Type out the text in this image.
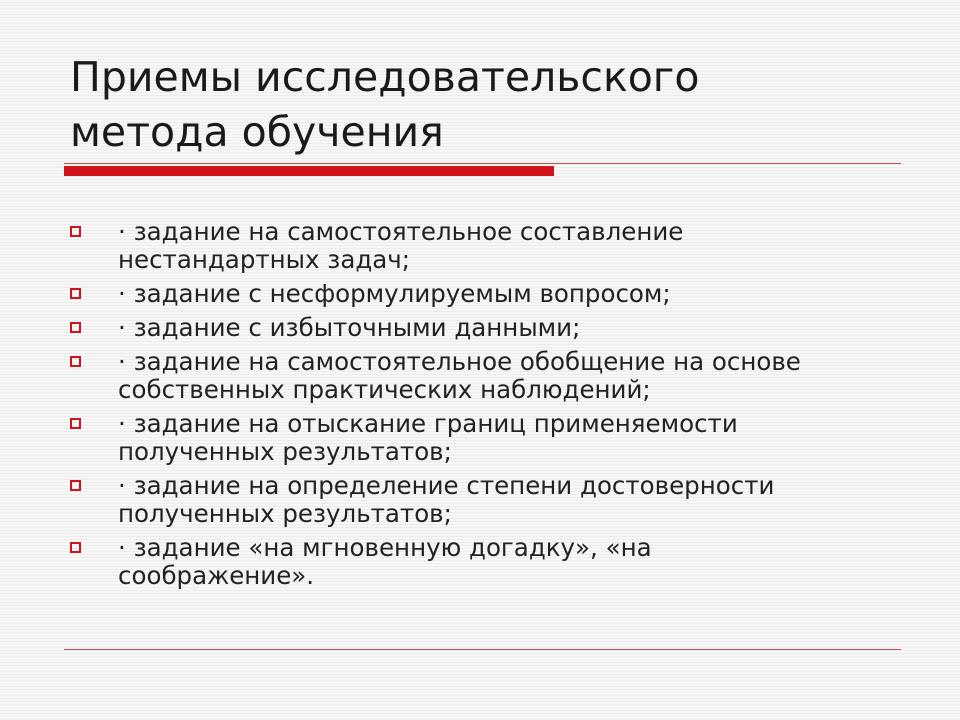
Приемы исследовательского
метода обучения
· задание на самостоятельное составление
нестандартных задач;
· задание с несформулируемым вопросом;
· задание с избыточными данными;
· задание на самостоятельное обобщение на основе
собственных практических наблюдений;
· задание на отыскание границ применяемости
полученных результатов;
· задание на определение степени достоверности
полученных результатов;
· задание «на мгновенную догадку», «на
соображение».
